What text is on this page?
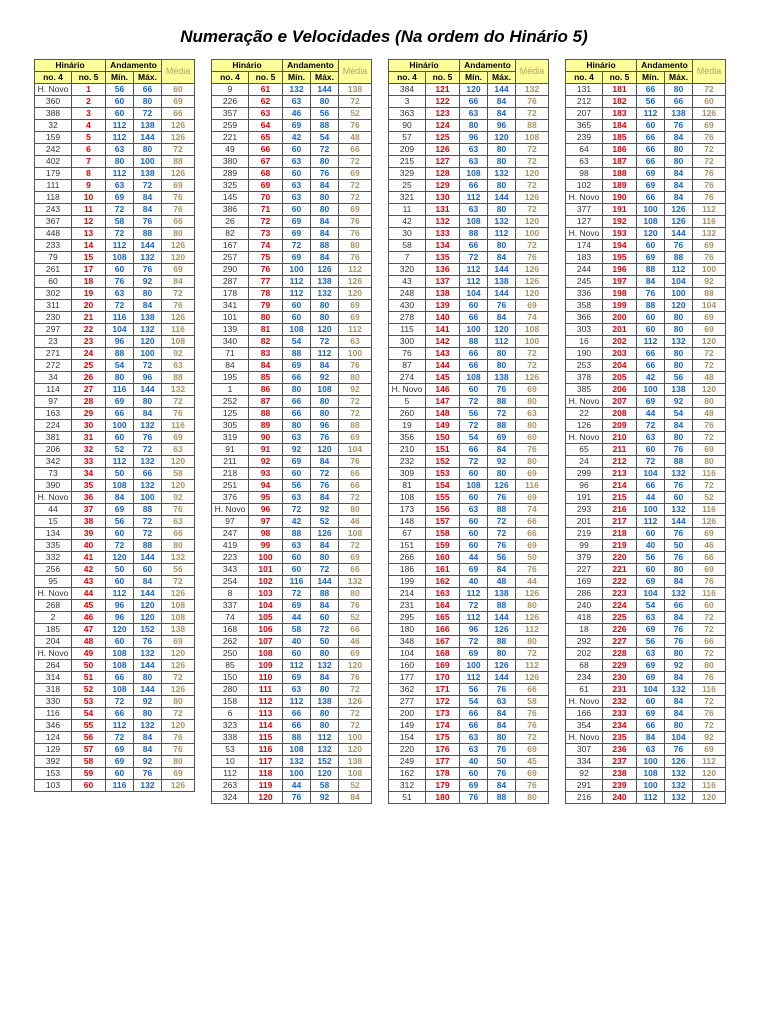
Numeração e Velocidades (Na ordem do Hinário 5)
Hinário		Andamento		Média
no. 4	no. 5	Mín.	Máx.	
H. Novo	1	56	66	60
360	2	60	80	69
388	3	60	72	66
32	4	112	138	126
159	5	112	144	126
242	6	63	80	72
402	7	80	100	88
179	8	112	138	126
111	9	63	72	69
118	10	69	84	76
243	11	72	84	76
367	12	58	76	66
448	13	72	88	80
233	14	112	144	126
79	15	108	132	120
261	17	60	76	69
60	18	76	92	84
302	19	63	80	72
311	20	72	84	76
230	21	116	138	126
297	22	104	132	116
23	23	96	120	108
271	24	88	100	92
272	25	54	72	63
34	26	80	96	88
114	27	116	144	132
97	28	69	80	72
163	29	66	84	76
224	30	100	132	116
381	31	60	76	69
206	32	52	72	63
342	33	112	132	120
73	34	50	66	58
390	35	108	132	120
H. Novo	36	84	100	92
44	37	69	88	76
15	38	56	72	63
134	39	60	72	66
335	40	72	88	80
332	41	120	144	132
256	42	50	60	56
95	43	60	84	72
H. Novo	44	112	144	126
268	45	96	120	108
2	46	96	120	108
185	47	120	152	138
204	48	60	76	69
H. Novo	49	108	132	120
264	50	108	144	126
314	51	66	80	72
318	52	108	144	126
330	53	72	92	80
116	54	66	80	72
346	55	112	132	120
124	56	72	84	76
129	57	69	84	76
392	58	69	92	80
153	59	60	76	69
103	60	116	132	126
Hinário		Andamento		Média
no. 4	no. 5	Mín.	Máx.	
9	61	132	144	138
226	62	63	80	72
357	63	46	56	52
259	64	69	88	76
221	65	42	54	48
49	66	60	72	66
380	67	63	80	72
289	68	60	76	69
325	69	63	84	72
145	70	63	80	72
386	71	60	80	69
26	72	69	84	76
82	73	69	84	76
167	74	72	88	80
257	75	69	84	76
290	76	100	126	112
287	77	112	138	126
178	78	112	132	120
341	79	60	80	69
101	80	60	80	69
139	81	108	120	112
340	82	54	72	63
71	83	88	112	100
84	84	69	84	76
195	85	66	92	80
1	86	80	108	92
252	87	66	80	72
125	88	66	80	72
305	89	80	96	88
319	90	63	76	69
91	91	92	120	104
211	92	69	84	76
218	93	60	72	66
251	94	56	76	66
376	95	63	84	72
H. Novo	96	72	92	80
97	97	42	52	46
247	98	88	126	108
419	99	63	84	72
223	100	60	80	69
343	101	60	72	66
254	102	116	144	132
8	103	72	88	80
337	104	69	84	76
74	105	44	60	52
168	106	58	72	66
262	107	40	50	46
250	108	60	80	69
85	109	112	132	120
150	110	69	84	76
280	111	63	80	72
158	112	112	138	126
6	113	66	80	72
323	114	66	80	72
338	115	88	112	100
53	116	108	132	120
10	117	132	152	138
112	118	100	120	108
263	119	44	58	52
324	120	76	92	84
Hinário		Andamento		Média
no. 4	no. 5	Mín.	Máx.	
384	121	120	144	132
3	122	66	84	76
363	123	63	84	72
90	124	80	96	88
57	125	96	120	108
209	126	63	80	72
215	127	63	80	72
329	128	108	132	120
25	129	66	80	72
321	130	112	144	126
11	131	63	80	72
42	132	108	132	120
30	133	88	112	100
58	134	66	80	72
7	135	72	84	76
320	136	112	144	126
43	137	112	138	126
248	138	104	144	120
430	139	60	76	69
278	140	66	84	74
115	141	100	120	108
300	142	88	112	100
76	143	66	80	72
87	144	66	80	72
274	145	108	138	126
H. Novo	146	60	76	69
5	147	72	88	80
260	148	56	72	63
19	149	72	88	80
356	150	54	69	60
210	151	66	84	76
232	152	72	92	80
309	153	60	80	69
81	154	108	126	116
108	155	60	76	69
173	156	63	88	74
148	157	60	72	66
67	158	60	72	66
151	159	60	76	69
266	160	44	56	50
186	161	69	84	76
199	162	40	48	44
214	163	112	138	126
231	164	72	88	80
295	165	112	144	126
180	166	96	126	112
348	167	72	88	80
104	168	69	80	72
160	169	100	126	112
177	170	112	144	126
362	171	56	76	66
277	172	54	63	58
200	173	66	84	76
149	174	66	84	76
154	175	63	80	72
220	176	63	76	69
249	177	40	50	45
162	178	60	76	69
312	179	69	84	76
51	180	76	88	80
Hinário		Andamento		Média
no. 4	no. 5	Mín.	Máx.	
131	181	66	80	72
212	182	56	66	60
207	183	112	138	126
365	184	60	76	69
239	185	66	84	76
64	186	66	80	72
63	187	66	80	72
98	188	69	84	76
102	189	69	84	76
H. Novo	190	66	84	76
377	191	100	126	112
127	192	108	126	116
H. Novo	193	120	144	132
174	194	60	76	69
183	195	69	88	76
244	196	88	112	100
245	197	84	104	92
336	198	76	100	88
358	199	88	120	104
366	200	60	80	69
303	201	60	80	69
16	202	112	132	120
190	203	66	80	72
253	204	66	80	72
378	205	42	56	48
385	206	100	138	120
H. Novo	207	69	92	80
22	208	44	54	48
126	209	72	84	76
H. Novo	210	63	80	72
65	211	60	76	69
24	212	72	88	80
299	213	104	132	116
96	214	66	76	72
191	215	44	60	52
293	216	100	132	116
201	217	112	144	126
219	218	60	76	69
99	219	40	50	46
379	220	56	76	66
227	221	60	80	69
169	222	69	84	76
286	223	104	132	116
240	224	54	66	60
418	225	63	84	72
18	226	69	76	72
292	227	56	76	66
202	228	63	80	72
68	229	69	92	80
234	230	69	84	76
61	231	104	132	116
H. Novo	232	60	84	72
166	233	69	84	76
354	234	66	80	72
H. Novo	235	84	104	92
307	236	63	76	69
334	237	100	126	112
92	238	108	132	120
291	239	100	132	116
216	240	112	132	120
